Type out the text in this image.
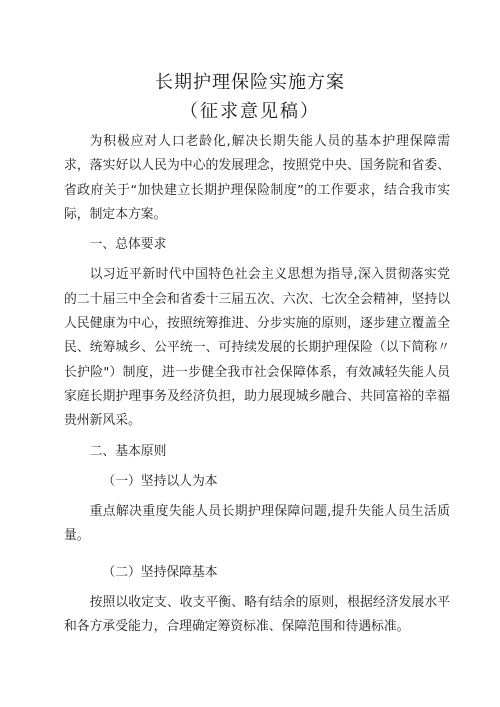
长期护理保险实施方案
（征求意见稿）

为积极应对人口老龄化,解决长期失能人员的基本护理保障需求，落实好以人民为中心的发展理念，按照党中央、国务院和省委、省政府关于“加快建立长期护理保险制度”的工作要求，结合我市实际，制定本方案。

一、总体要求

以习近平新时代中国特色社会主义思想为指导,深入贯彻落实党的二十届三中全会和省委十三届五次、六次、七次全会精神，坚持以人民健康为中心，按照统筹推进、分步实施的原则，逐步建立覆盖全民、统筹城乡、公平统一、可持续发展的长期护理保险（以下简称〃长护险"）制度，进一步健全我市社会保障体系，有效减轻失能人员家庭长期护理事务及经济负担，助力展现城乡融合、共同富裕的幸福贵州新风采。

二、基本原则

（一）坚持以人为本

重点解决重度失能人员长期护理保障问题,提升失能人员生活质量。

（二）坚持保障基本

按照以收定支、收支平衡、略有结余的原则，根据经济发展水平和各方承受能力，合理确定筹资标准、保障范围和待遇标准。
